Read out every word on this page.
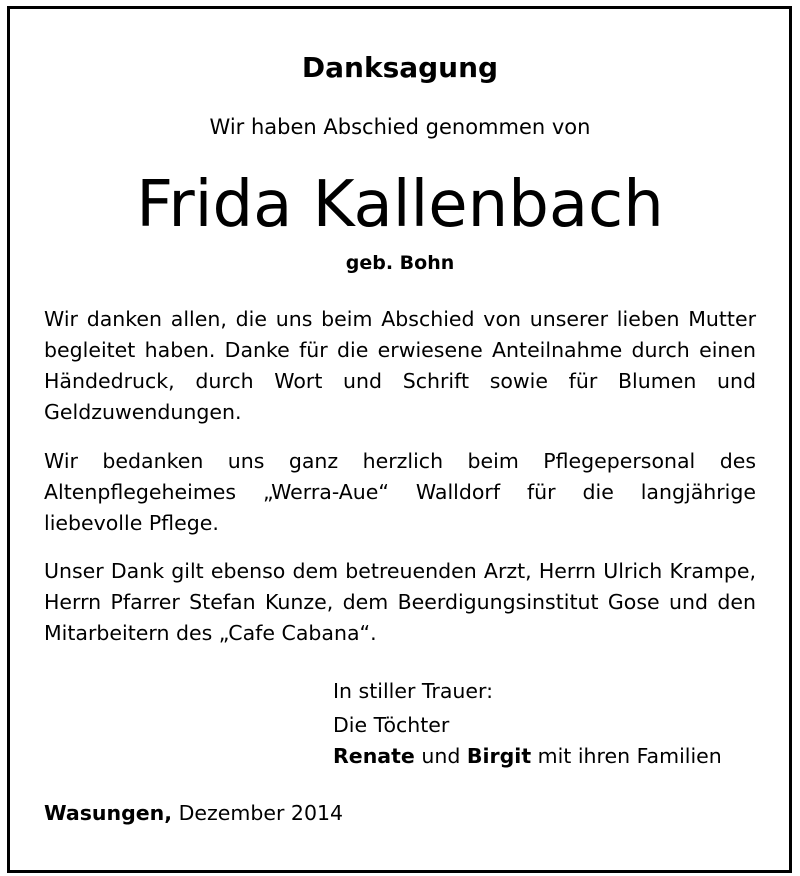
Danksagung
Wir haben Abschied genommen von
Frida Kallenbach
geb. Bohn

Wir danken allen, die uns beim Abschied von unserer lieben Mutter begleitet haben. Danke für die erwiesene Anteilnahme durch einen Händedruck, durch Wort und Schrift sowie für Blumen und Geldzuwendungen.

Wir bedanken uns ganz herzlich beim Pflegepersonal des Altenpflegeheimes „Werra-Aue“ Walldorf für die langjährige liebevolle Pflege.

Unser Dank gilt ebenso dem betreuenden Arzt, Herrn Ulrich Krampe, Herrn Pfarrer Stefan Kunze, dem Beerdigungsinstitut Gose und den Mitarbeitern des „Cafe Cabana“.

In stiller Trauer:
Die Töchter
Renate und Birgit mit ihren Familien
Wasungen, Dezember 2014
